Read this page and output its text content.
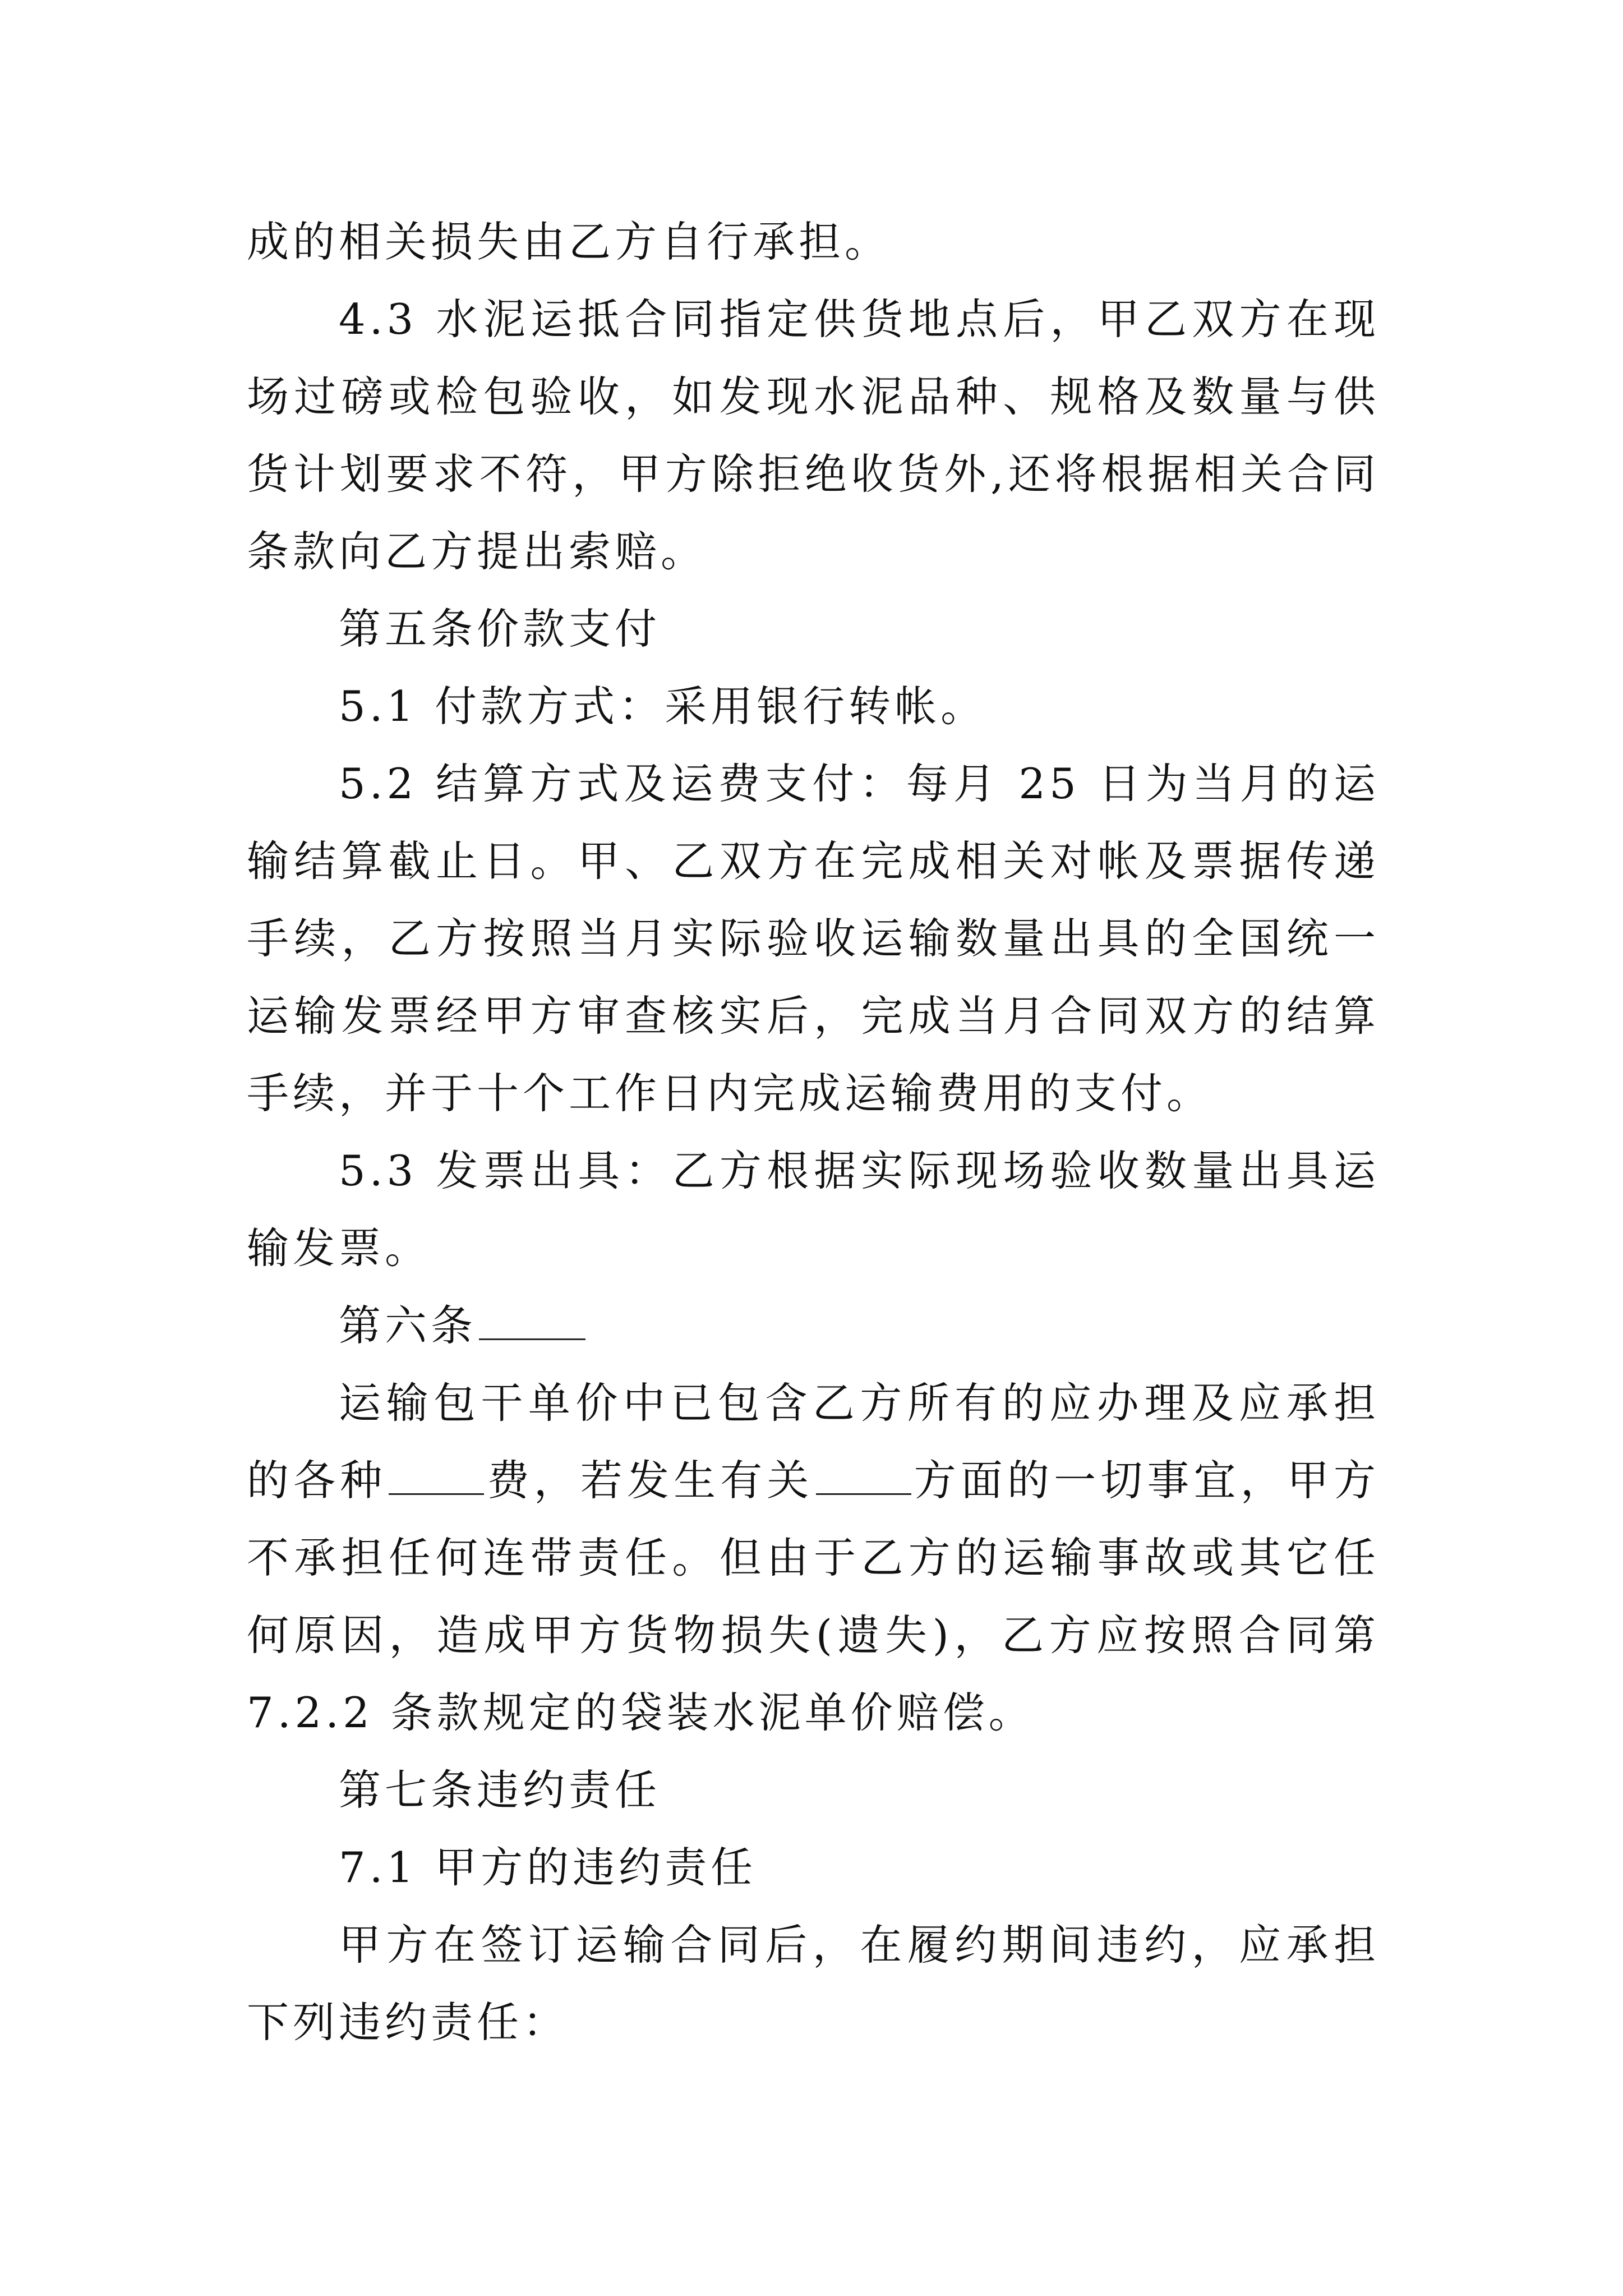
成的相关损失由乙方自行承担。

4.3 水泥运抵合同指定供货地点后，甲乙双方在现场过磅或检包验收，如发现水泥品种、规格及数量与供货计划要求不符，甲方除拒绝收货外,还将根据相关合同条款向乙方提出索赔。

第五条价款支付

5.1 付款方式：采用银行转帐。

5.2 结算方式及运费支付：每月 25 日为当月的运输结算截止日。甲、乙双方在完成相关对帐及票据传递手续，乙方按照当月实际验收运输数量出具的全国统一运输发票经甲方审查核实后，完成当月合同双方的结算手续，并于十个工作日内完成运输费用的支付。

5.3 发票出具：乙方根据实际现场验收数量出具运输发票。

第六条

运输包干单价中已包含乙方所有的应办理及应承担的各种 费，若发生有关 方面的一切事宜，甲方不承担任何连带责任。但由于乙方的运输事故或其它任何原因，造成甲方货物损失(遗失)，乙方应按照合同第 7.2.2 条款规定的袋装水泥单价赔偿。

第七条违约责任

7.1 甲方的违约责任

甲方在签订运输合同后，在履约期间违约，应承担下列违约责任：
